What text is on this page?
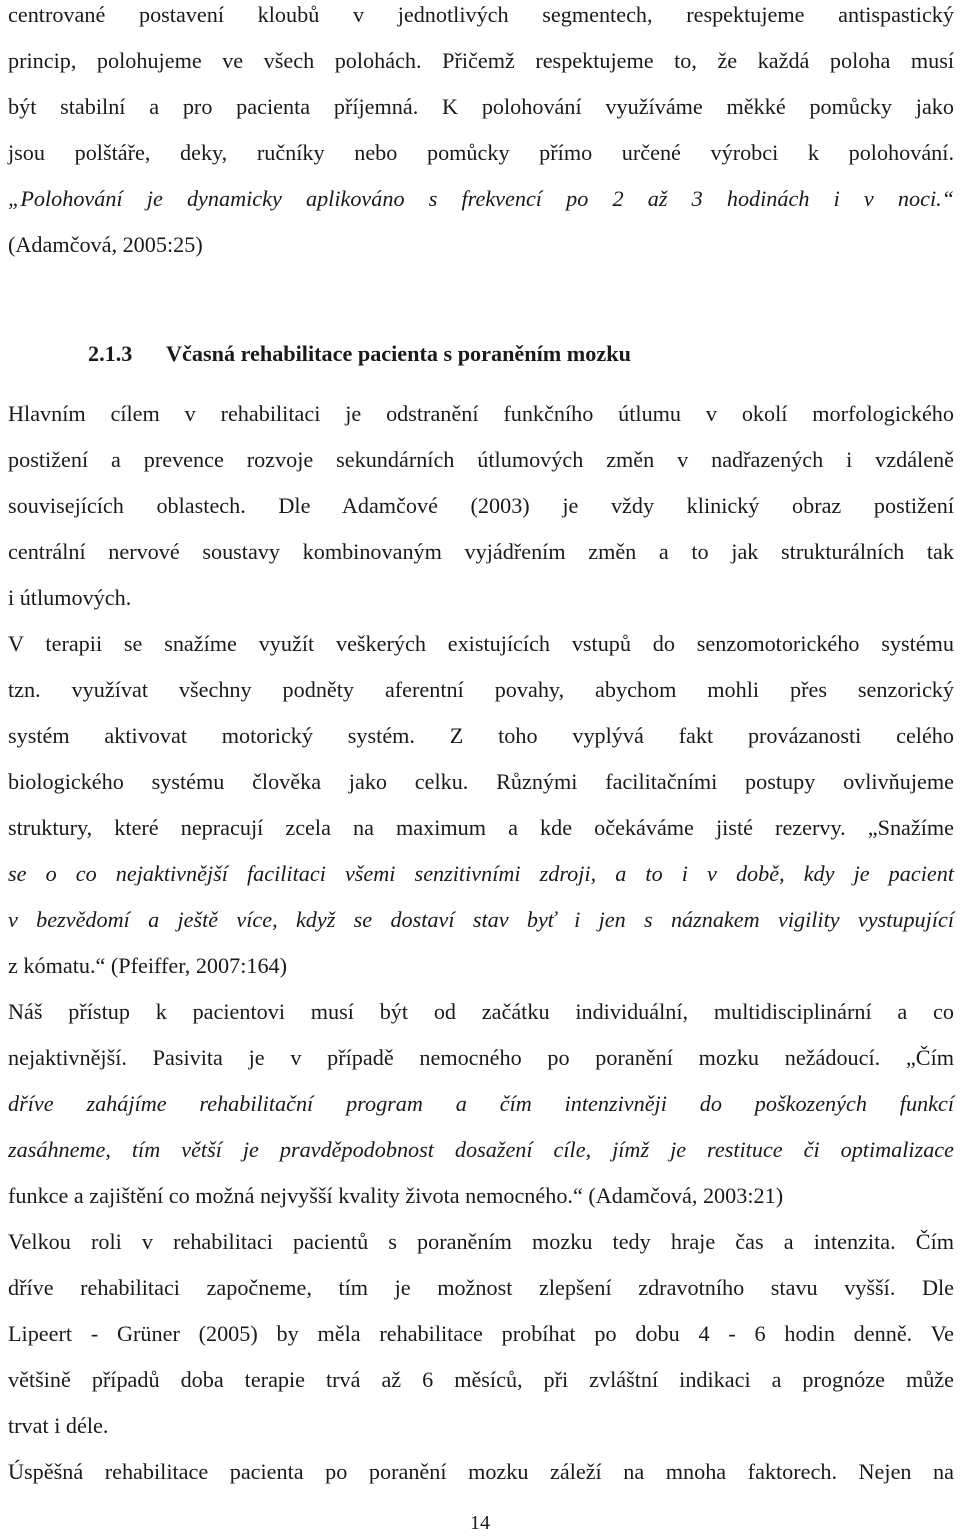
centrované postavení kloubů v jednotlivých segmentech, respektujeme antispastický
princip, polohujeme ve všech polohách. Přičemž respektujeme to, že každá poloha musí
být stabilní a pro pacienta příjemná. K polohování využíváme měkké pomůcky jako
jsou polštáře, deky, ručníky nebo pomůcky přímo určené výrobci k polohování.
„Polohování je dynamicky aplikováno s frekvencí po 2 až 3 hodinách i v noci.“
(Adamčová, 2005:25)
2.1.3 Včasná rehabilitace pacienta s poraněním mozku
Hlavním cílem v rehabilitaci je odstranění funkčního útlumu v okolí morfologického
postižení a prevence rozvoje sekundárních útlumových změn v nadřazených i vzdáleně
souvisejících oblastech. Dle Adamčové (2003) je vždy klinický obraz postižení
centrální nervové soustavy kombinovaným vyjádřením změn a to jak strukturálních tak
i útlumových.
V terapii se snažíme využít veškerých existujících vstupů do senzomotorického systému
tzn. využívat všechny podněty aferentní povahy, abychom mohli přes senzorický
systém aktivovat motorický systém. Z toho vyplývá fakt provázanosti celého
biologického systému člověka jako celku. Různými facilitačními postupy ovlivňujeme
struktury, které nepracují zcela na maximum a kde očekáváme jisté rezervy. „Snažíme
se o co nejaktivnější facilitaci všemi senzitivními zdroji, a to i v době, kdy je pacient
v bezvědomí a ještě více, když se dostaví stav byť i jen s náznakem vigility vystupující
z kómatu.“ (Pfeiffer, 2007:164)
Náš přístup k pacientovi musí být od začátku individuální, multidisciplinární a co
nejaktivnější. Pasivita je v případě nemocného po poranění mozku nežádoucí. „Čím
dříve zahájíme rehabilitační program a čím intenzivněji do poškozených funkcí
zasáhneme, tím větší je pravděpodobnost dosažení cíle, jímž je restituce či optimalizace
funkce a zajištění co možná nejvyšší kvality života nemocného.“ (Adamčová, 2003:21)
Velkou roli v rehabilitaci pacientů s poraněním mozku tedy hraje čas a intenzita. Čím
dříve rehabilitaci započneme, tím je možnost zlepšení zdravotního stavu vyšší. Dle
Lipeert - Grüner (2005) by měla rehabilitace probíhat po dobu 4 - 6 hodin denně. Ve
většině případů doba terapie trvá až 6 měsíců, při zvláštní indikaci a prognóze může
trvat i déle.
Úspěšná rehabilitace pacienta po poranění mozku záleží na mnoha faktorech. Nejen na
14
